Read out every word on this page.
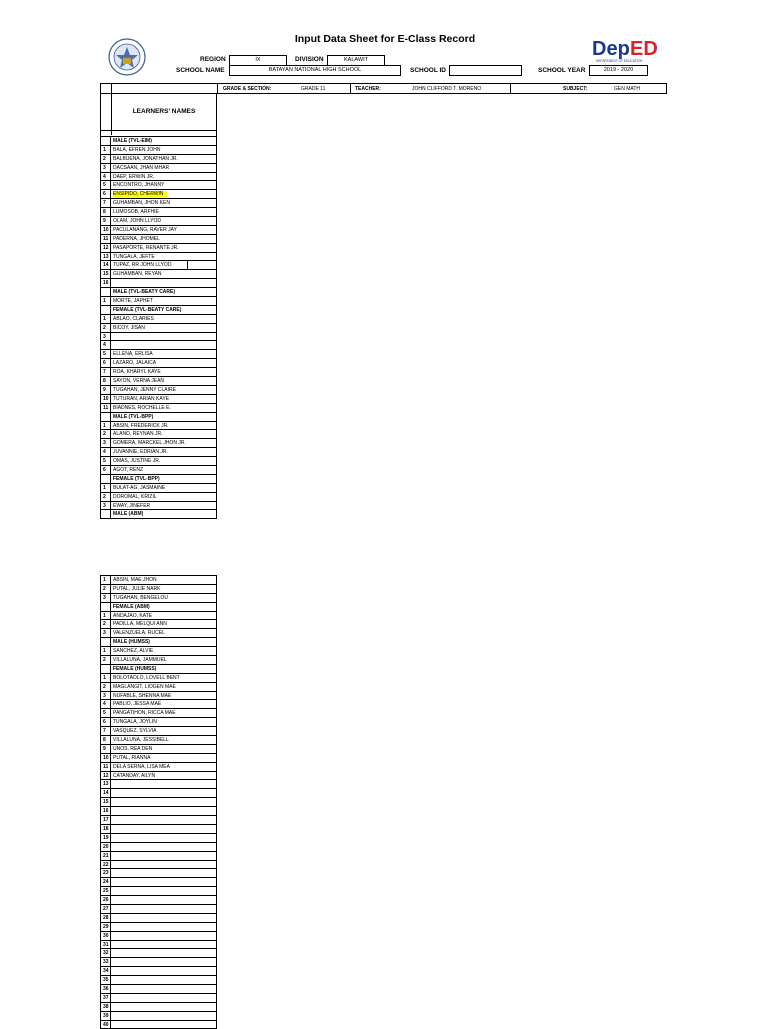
Input Data Sheet for E-Class Record	Dep ED
DEPARTMENT OF EDUCATION
REGION	IX	DIVISION	KALAWIT
SCHOOL NAME	BATAYAN NATIONAL HIGH SCHOOL	SCHOOL ID	SCHOOL YEAR	2019 - 2020
GRADE & SECTION:	GRADE 11	TEACHER:	JOHN CLIFFORD T. MORENO	SUBJECT:	GEN MATH
LEARNERS' NAMES
MALE (TVL-EIM)
1	BALA, EFREN JOHN
2	BALBUENA, JONATHAN JR.
3	DACSAAN, JHAN MHAR
4	DAEP, ERWIN JR.
5	ENCONTRO, JHANNY
6	ENSIPIDO, CHERWIN
7	GUHAMBAN, JHON KEN
8	LUMOSOB, ARFHIE
9	OLAM, JOHN LLYOD
10 PACULANANG, RAVER JAY
11 PADERNA, JHOMEL
12 PASAPORTE, RENANTE JR.
13 TUNGALA, JEFTE
14 TUPAZ, RR JOHN LLYOD
15 GUHAMBAN, REYAN
16
MALE (TVL-BEATY CARE)
1	MORTE, JAPHET
FEMALE (TVL-BEATY CARE)
1	ABLAO, CLARIES
2	BICOY, JISAN
3
4
5	ELLENA, ERLISA
6	LAZARO, JALAICA
7	ROA, KHARYL KAYE
8	SAYON, VERNA JEAN
9	TUGAHAN, JENNY CLAIRE
10 TUTURAN, ARIAN KAYE
11 BIADNES, ROCHELLE E.
MALE (TVL-BPP)
1	ABSIN, FREDERICK JR.
2	ALANO, REYNAN JR.
3	GOMERA, MARCKEL JHON JR.
4	JUVANNIE, EDRIAN JR.
5	OMAS, JUSTINE JR.
6	AGOT, RENZ
FEMALE (TVL-BPP)
1	BULAT-AG, JASMAINE
2	DOROMAL, KRIZIL
3	EWAY, JINEFER
MALE (ABM)
1	ABSIN, MAE JHON
2	PUTAL, JULIE NARK
3	TUGAHAN, BENGELOU
FEMALE (ABM)
1	ANDAJAO, KATE
2	PADILLA, MELQUI ANN
3	VALENZUELA, RUCEL
MALE (HUMSS)
1	SANCHEZ, ALVIE
2	VILLALUNA, JAMMUEL
FEMALE (HUMSS)
1	BOLOTAOLO, LOVELL BENT
2	MAGLANGIT, LIOGEN MAE
3	NUFABLE, SHENNA MAE
4	PABLIO, JESSA MAE
5	PANGATIHON, RICCA MAE
6	TUNGALA, JOYLIN
7	VASQUEZ, SYLVIA
8	VILLALUNA, JESSIBELL
9	UNOS, REA DEN
10 PUTAL, RIANNA
11 DELA SERNA, LISA MEA
12 CATANDAY, AILYN
13
14
15
16
17
18
19
20
21
22
23
24
25
26
27
28
29
30
31
32
33
34
35
36
37
38
39
40
